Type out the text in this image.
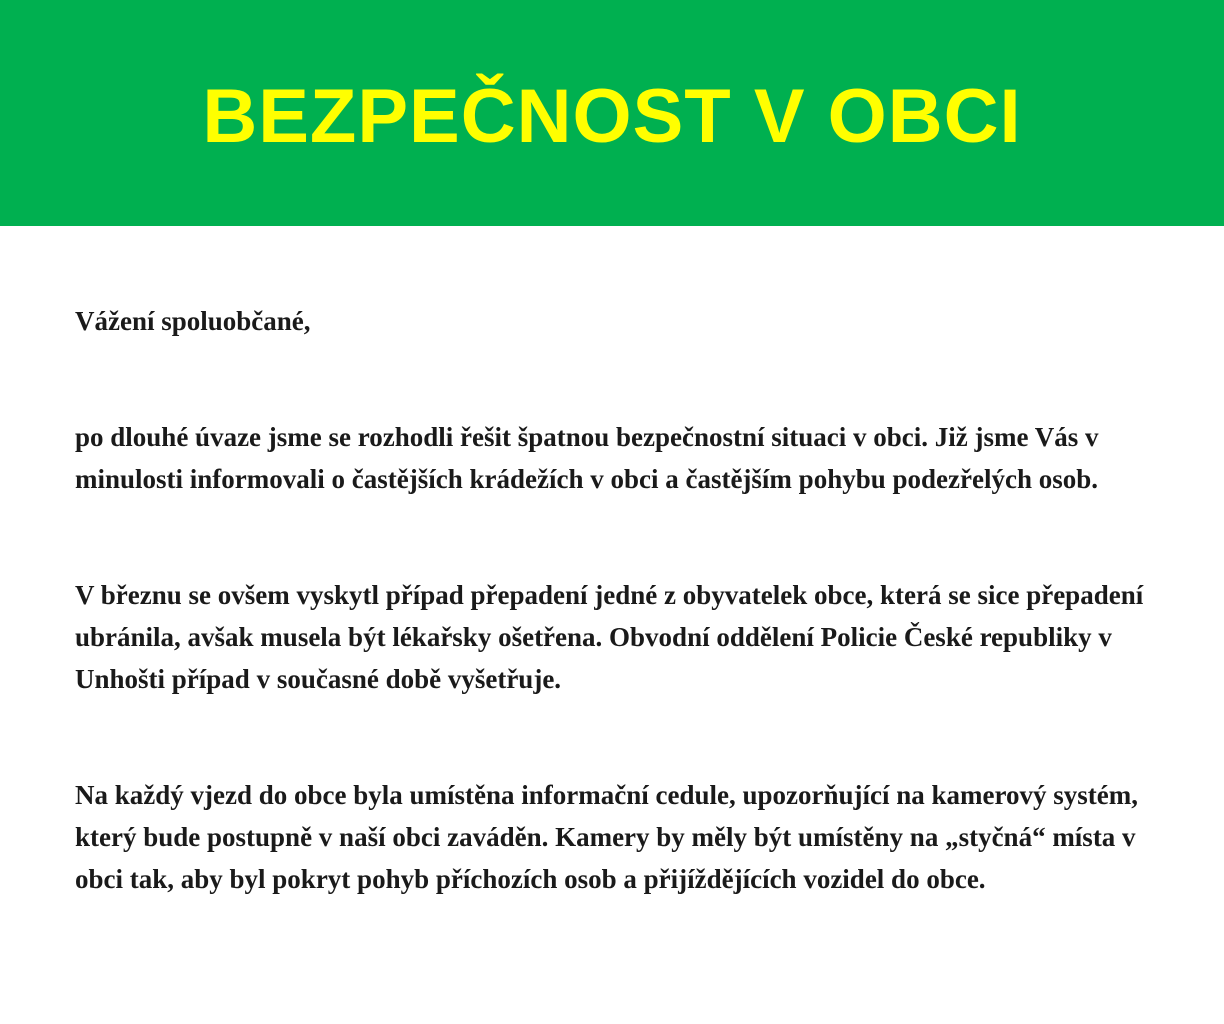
BEZPEČNOST V OBCI

Vážení spoluobčané,

po dlouhé úvaze jsme se rozhodli řešit špatnou bezpečnostní situaci v obci. Již jsme Vás v minulosti informovali o častějších krádežích v obci a častějším pohybu podezřelých osob.

V březnu se ovšem vyskytl případ přepadení jedné z obyvatelek obce, která se sice přepadení ubránila, avšak musela být lékařsky ošetřena. Obvodní oddělení Policie České republiky v Unhošti případ v současné době vyšetřuje.

Na každý vjezd do obce byla umístěna informační cedule, upozorňující na kamerový systém, který bude postupně v naší obci zaváděn. Kamery by měly být umístěny na „styčná“ místa v obci tak, aby byl pokryt pohyb příchozích osob a přijíždějících vozidel do obce.
